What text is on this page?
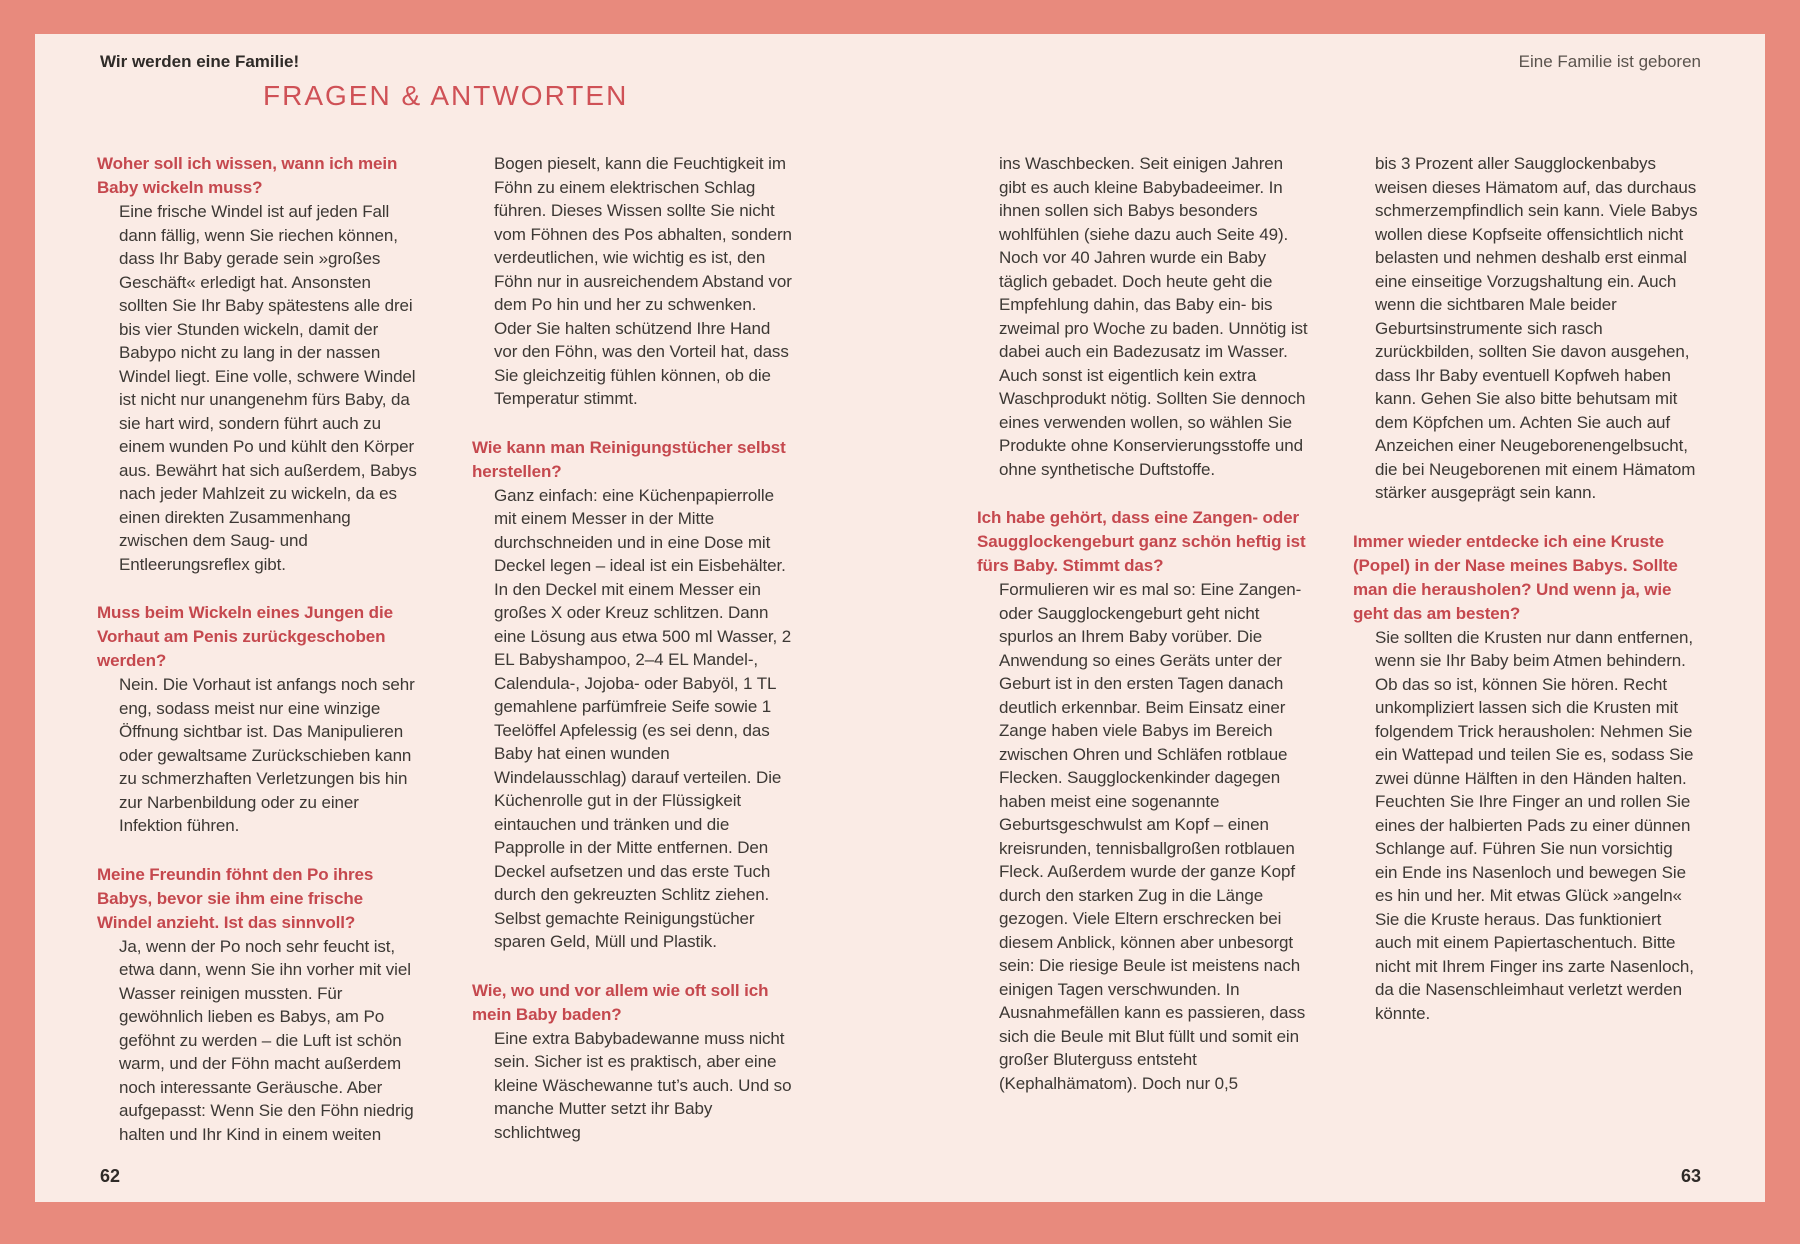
Wir werden eine Familie!	Eine Familie ist geboren
FRAGEN & ANTWORTEN
Woher soll ich wissen, wann ich mein Baby wickeln muss?

Eine frische Windel ist auf jeden Fall dann fällig, wenn Sie riechen können, dass Ihr Baby gerade sein »großes Geschäft« erledigt hat. Ansonsten sollten Sie Ihr Baby spätestens alle drei bis vier Stunden wickeln, damit der Babypo nicht zu lang in der nassen Windel liegt. Eine volle, schwere Windel ist nicht nur unangenehm fürs Baby, da sie hart wird, sondern führt auch zu einem wunden Po und kühlt den Körper aus. Bewährt hat sich außerdem, Babys nach jeder Mahlzeit zu wickeln, da es einen direkten Zusammenhang zwischen dem Saug- und Entleerungsreflex gibt.

Muss beim Wickeln eines Jungen die Vorhaut am Penis zurückgeschoben werden?

Nein. Die Vorhaut ist anfangs noch sehr eng, sodass meist nur eine winzige Öffnung sichtbar ist. Das Manipulieren oder gewaltsame Zurückschieben kann zu schmerzhaften Verletzungen bis hin zur Narbenbildung oder zu einer Infektion führen.

Meine Freundin föhnt den Po ihres Babys, bevor sie ihm eine frische Windel anzieht. Ist das sinnvoll?

Ja, wenn der Po noch sehr feucht ist, etwa dann, wenn Sie ihn vorher mit viel Wasser reinigen mussten. Für gewöhnlich lieben es Babys, am Po geföhnt zu werden – die Luft ist schön warm, und der Föhn macht außerdem noch interessante Geräusche. Aber aufgepasst: Wenn Sie den Föhn niedrig halten und Ihr Kind in einem weiten

Bogen pieselt, kann die Feuchtigkeit im Föhn zu einem elektrischen Schlag führen. Dieses Wissen sollte Sie nicht vom Föhnen des Pos abhalten, sondern verdeutlichen, wie wichtig es ist, den Föhn nur in ausreichendem Abstand vor dem Po hin und her zu schwenken. Oder Sie halten schützend Ihre Hand vor den Föhn, was den Vorteil hat, dass Sie gleichzeitig fühlen können, ob die Temperatur stimmt.

Wie kann man Reinigungstücher selbst herstellen?

Ganz einfach: eine Küchenpapierrolle mit einem Messer in der Mitte durchschneiden und in eine Dose mit Deckel legen – ideal ist ein Eisbehälter. In den Deckel mit einem Messer ein großes X oder Kreuz schlitzen. Dann eine Lösung aus etwa 500 ml Wasser, 2 EL Babyshampoo, 2–4 EL Mandel-, Calendula-, Jojoba- oder Babyöl, 1 TL gemahlene parfümfreie Seife sowie 1 Teelöffel Apfelessig (es sei denn, das Baby hat einen wunden Windelausschlag) darauf verteilen. Die Küchenrolle gut in der Flüssigkeit eintauchen und tränken und die Papprolle in der Mitte entfernen. Den Deckel aufsetzen und das erste Tuch durch den gekreuzten Schlitz ziehen. Selbst gemachte Reinigungstücher sparen Geld, Müll und Plastik.

Wie, wo und vor allem wie oft soll ich mein Baby baden?

Eine extra Babybadewanne muss nicht sein. Sicher ist es praktisch, aber eine kleine Wäschewanne tut’s auch. Und so manche Mutter setzt ihr Baby schlichtweg

ins Waschbecken. Seit einigen Jahren gibt es auch kleine Babybadeeimer. In ihnen sollen sich Babys besonders wohlfühlen (siehe dazu auch Seite 49). Noch vor 40 Jahren wurde ein Baby täglich gebadet. Doch heute geht die Empfehlung dahin, das Baby ein- bis zweimal pro Woche zu baden. Unnötig ist dabei auch ein Badezusatz im Wasser. Auch sonst ist eigentlich kein extra Waschprodukt nötig. Sollten Sie dennoch eines verwenden wollen, so wählen Sie Produkte ohne Konservierungsstoffe und ohne synthetische Duftstoffe.

Ich habe gehört, dass eine Zangen- oder Saugglockengeburt ganz schön heftig ist fürs Baby. Stimmt das?

Formulieren wir es mal so: Eine Zangen- oder Saugglockengeburt geht nicht spurlos an Ihrem Baby vorüber. Die Anwendung so eines Geräts unter der Geburt ist in den ersten Tagen danach deutlich erkennbar. Beim Einsatz einer Zange haben viele Babys im Bereich zwischen Ohren und Schläfen rotblaue Flecken. Saugglockenkinder dagegen haben meist eine sogenannte Geburtsgeschwulst am Kopf – einen kreisrunden, tennisballgroßen rotblauen Fleck. Außerdem wurde der ganze Kopf durch den starken Zug in die Länge gezogen. Viele Eltern erschrecken bei diesem Anblick, können aber unbesorgt sein: Die riesige Beule ist meistens nach einigen Tagen verschwunden. In Ausnahmefällen kann es passieren, dass sich die Beule mit Blut füllt und somit ein großer Bluterguss entsteht (Kephalhämatom). Doch nur 0,5

bis 3 Prozent aller Saugglockenbabys weisen dieses Hämatom auf, das durchaus schmerzempfindlich sein kann. Viele Babys wollen diese Kopfseite offensichtlich nicht belasten und nehmen deshalb erst einmal eine einseitige Vorzugshaltung ein. Auch wenn die sichtbaren Male beider Geburtsinstrumente sich rasch zurückbilden, sollten Sie davon ausgehen, dass Ihr Baby eventuell Kopfweh haben kann. Gehen Sie also bitte behutsam mit dem Köpfchen um. Achten Sie auch auf Anzeichen einer Neugeborenengelbsucht, die bei Neugeborenen mit einem Hämatom stärker ausgeprägt sein kann.

Immer wieder entdecke ich eine Kruste (Popel) in der Nase meines Babys. Sollte man die herausholen? Und wenn ja, wie geht das am besten?

Sie sollten die Krusten nur dann entfernen, wenn sie Ihr Baby beim Atmen behindern. Ob das so ist, können Sie hören. Recht unkompliziert lassen sich die Krusten mit folgendem Trick herausholen: Nehmen Sie ein Wattepad und teilen Sie es, sodass Sie zwei dünne Hälften in den Händen halten. Feuchten Sie Ihre Finger an und rollen Sie eines der halbierten Pads zu einer dünnen Schlange auf. Führen Sie nun vorsichtig ein Ende ins Nasenloch und bewegen Sie es hin und her. Mit etwas Glück »angeln« Sie die Kruste heraus. Das funktioniert auch mit einem Papiertaschentuch. Bitte nicht mit Ihrem Finger ins zarte Nasenloch, da die Nasenschleimhaut verletzt werden könnte.

62	63
